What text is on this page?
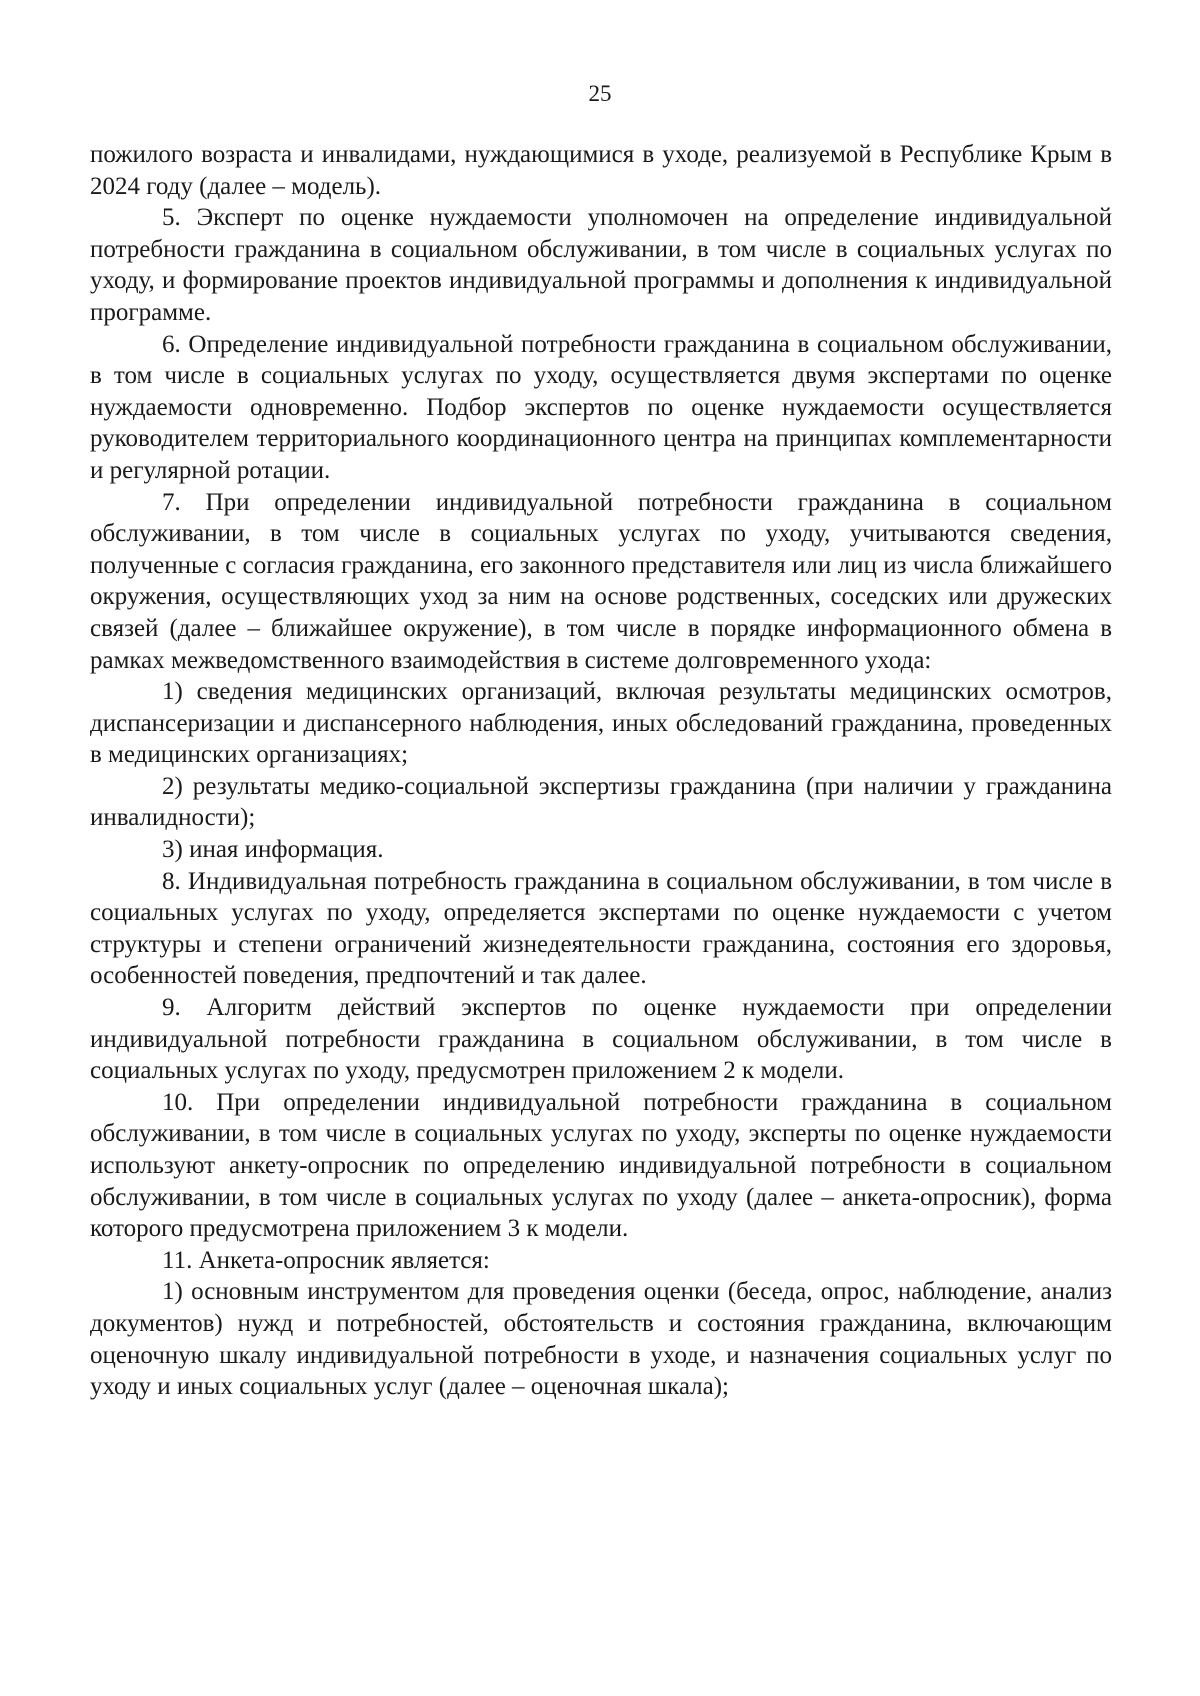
25

пожилого возраста и инвалидами, нуждающимися в уходе, реализуемой в Республике Крым в 2024 году (далее – модель).

5. Эксперт по оценке нуждаемости уполномочен на определение индивидуальной потребности гражданина в социальном обслуживании, в том числе в социальных услугах по уходу, и формирование проектов индивидуальной программы и дополнения к индивидуальной программе.

6. Определение индивидуальной потребности гражданина в социальном обслуживании, в том числе в социальных услугах по уходу, осуществляется двумя экспертами по оценке нуждаемости одновременно. Подбор экспертов по оценке нуждаемости осуществляется руководителем территориального координационного центра на принципах комплементарности и регулярной ротации.

7. При определении индивидуальной потребности гражданина в социальном обслуживании, в том числе в социальных услугах по уходу, учитываются сведения, полученные с согласия гражданина, его законного представителя или лиц из числа ближайшего окружения, осуществляющих уход за ним на основе родственных, соседских или дружеских связей (далее – ближайшее окружение), в том числе в порядке информационного обмена в рамках межведомственного взаимодействия в системе долговременного ухода:

1) сведения медицинских организаций, включая результаты медицинских осмотров, диспансеризации и диспансерного наблюдения, иных обследований гражданина, проведенных в медицинских организациях;

2) результаты медико-социальной экспертизы гражданина (при наличии у гражданина инвалидности);

3) иная информация.

8. Индивидуальная потребность гражданина в социальном обслуживании, в том числе в социальных услугах по уходу, определяется экспертами по оценке нуждаемости с учетом структуры и степени ограничений жизнедеятельности гражданина, состояния его здоровья, особенностей поведения, предпочтений и так далее.

9. Алгоритм действий экспертов по оценке нуждаемости при определении индивидуальной потребности гражданина в социальном обслуживании, в том числе в социальных услугах по уходу, предусмотрен приложением 2 к модели.

10. При определении индивидуальной потребности гражданина в социальном обслуживании, в том числе в социальных услугах по уходу, эксперты по оценке нуждаемости используют анкету-опросник по определению индивидуальной потребности в социальном обслуживании, в том числе в социальных услугах по уходу (далее – анкета-опросник), форма которого предусмотрена приложением 3 к модели.

11. Анкета-опросник является:

1) основным инструментом для проведения оценки (беседа, опрос, наблюдение, анализ документов) нужд и потребностей, обстоятельств и состояния гражданина, включающим оценочную шкалу индивидуальной потребности в уходе, и назначения социальных услуг по уходу и иных социальных услуг (далее – оценочная шкала);
